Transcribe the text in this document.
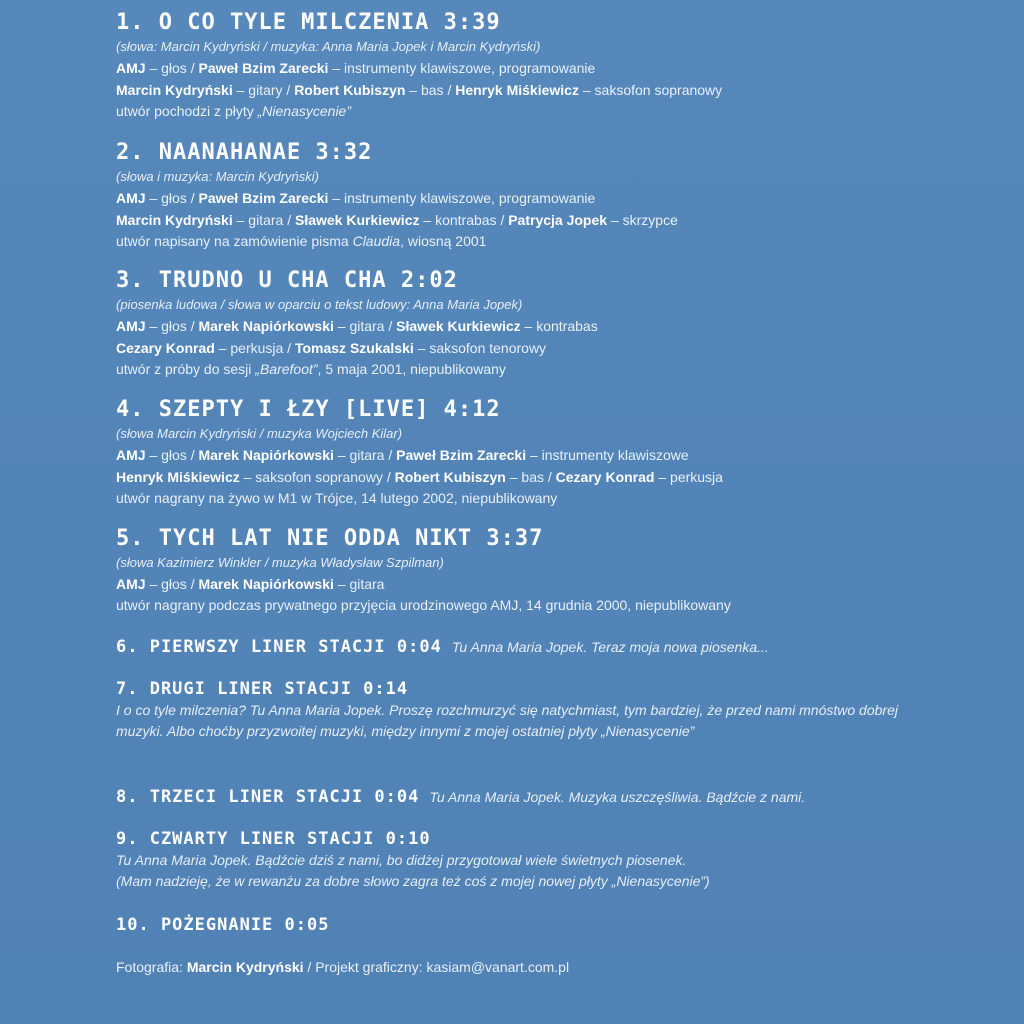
1. O CO TYLE MILCZENIA 3:39
(słowa: Marcin Kydryński / muzyka: Anna Maria Jopek i Marcin Kydryński)
AMJ – głos / Paweł Bzim Zarecki – instrumenty klawiszowe, programowanie
Marcin Kydryński – gitary / Robert Kubiszyn – bas / Henryk Miśkiewicz – saksofon sopranowy
utwór pochodzi z płyty „Nienasycenie”
2. NAANAHANAE 3:32
(słowa i muzyka: Marcin Kydryński)
AMJ – głos / Paweł Bzim Zarecki – instrumenty klawiszowe, programowanie
Marcin Kydryński – gitara / Sławek Kurkiewicz – kontrabas / Patrycja Jopek – skrzypce
utwór napisany na zamówienie pisma Claudia, wiosną 2001
3. TRUDNO U CHA CHA 2:02
(piosenka ludowa / słowa w oparciu o tekst ludowy: Anna Maria Jopek)
AMJ – głos / Marek Napiórkowski – gitara / Sławek Kurkiewicz – kontrabas
Cezary Konrad – perkusja / Tomasz Szukalski – saksofon tenorowy
utwór z próby do sesji „Barefoot”, 5 maja 2001, niepublikowany
4. SZEPTY I ŁZY [LIVE] 4:12
(słowa Marcin Kydryński / muzyka Wojciech Kilar)
AMJ – głos / Marek Napiórkowski – gitara / Paweł Bzim Zarecki – instrumenty klawiszowe
Henryk Miśkiewicz – saksofon sopranowy / Robert Kubiszyn – bas / Cezary Konrad – perkusja
utwór nagrany na żywo w M1 w Trójce, 14 lutego 2002, niepublikowany
5. TYCH LAT NIE ODDA NIKT 3:37
(słowa Kazimierz Winkler / muzyka Władysław Szpilman)
AMJ – głos / Marek Napiórkowski – gitara
utwór nagrany podczas prywatnego przyjęcia urodzinowego AMJ, 14 grudnia 2000, niepublikowany
6. PIERWSZY LINER STACJI 0:04 Tu Anna Maria Jopek. Teraz moja nowa piosenka...
7. DRUGI LINER STACJI 0:14
I o co tyle milczenia? Tu Anna Maria Jopek. Proszę rozchmurzyć się natychmiast, tym bardziej, że przed nami mnóstwo dobrej muzyki. Albo choćby przyzwoitej muzyki, między innymi z mojej ostatniej płyty „Nienasycenie”
8. TRZECI LINER STACJI 0:04 Tu Anna Maria Jopek. Muzyka uszczęśliwia. Bądźcie z nami.
9. CZWARTY LINER STACJI 0:10
Tu Anna Maria Jopek. Bądźcie dziś z nami, bo didżej przygotował wiele świetnych piosenek.
(Mam nadzieję, że w rewanżu za dobre słowo zagra też coś z mojej nowej płyty „Nienasycenie”)
10. POŻEGNANIE 0:05
Fotografia: Marcin Kydryński / Projekt graficzny: kasiam@vanart.com.pl
